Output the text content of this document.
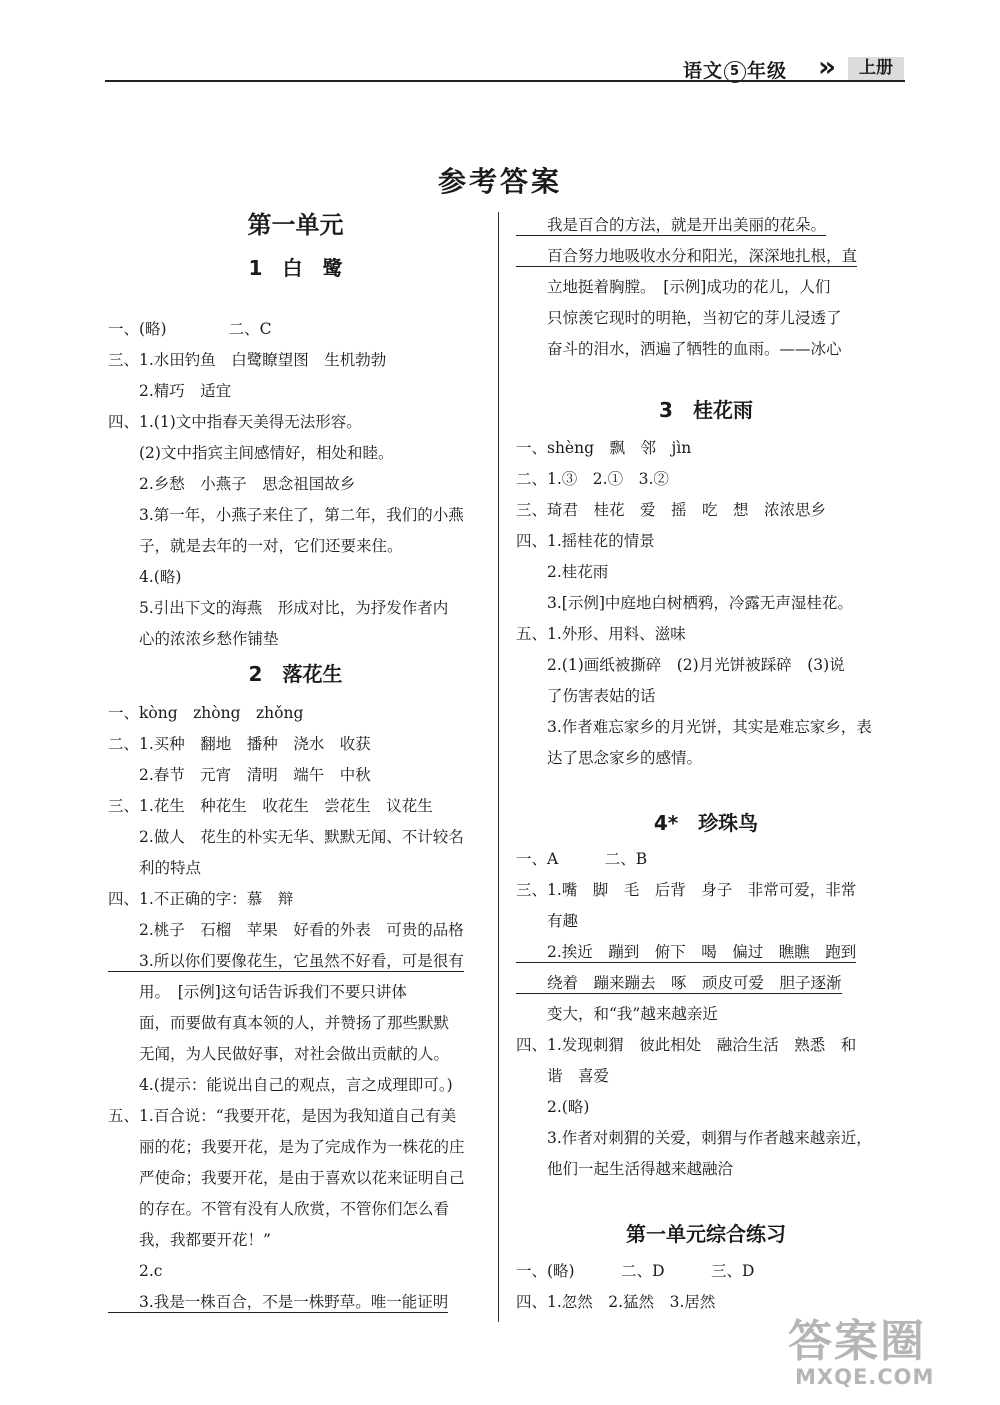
语文 5 年级 »	上册
参考答案
第一单元
1　白　鹭
一、(略)　　　　二、C
三、1.水田钓鱼　白鹭瞭望图　生机勃勃
　　2.精巧　适宜
四、1.(1)文中指春天美得无法形容。
　　(2)文中指宾主间感情好，相处和睦。
　　2.乡愁　小燕子　思念祖国故乡
　　3.第一年，小燕子来住了，第二年，我们的小燕
　　子，就是去年的一对，它们还要来住。
　　4.(略)
　　5.引出下文的海燕　形成对比，为抒发作者内
　　心的浓浓乡愁作铺垫
2　落花生
一、kòng　zhòng　zhǒng
二、1.买种　翻地　播种　浇水　收获
　　2.春节　元宵　清明　端午　中秋
三、1.花生　种花生　收花生　尝花生　议花生
　　2.做人　花生的朴实无华、默默无闻、不计较名
　　利的特点
四、1.不正确的字：慕　辩
　　2.桃子　石榴　苹果　好看的外表　可贵的品格
　　3.所以你们要像花生，它虽然不好看，可是很有
　　用。　[示例]这句话告诉我们不要只讲体
　　面，而要做有真本领的人，并赞扬了那些默默
　　无闻，为人民做好事，对社会做出贡献的人。
　　4.(提示：能说出自己的观点，言之成理即可。)
五、1.百合说：“我要开花，是因为我知道自己有美
　　丽的花；我要开花，是为了完成作为一株花的庄
　　严使命；我要开花，是由于喜欢以花来证明自己
　　的存在。不管有没有人欣赏，不管你们怎么看
　　我，我都要开花！”
　　2.c
　　3.我是一株百合，不是一株野草。唯一能证明
　　我是百合的方法，就是开出美丽的花朵。
　　百合努力地吸收水分和阳光，深深地扎根，直
　　立地挺着胸膛。　[示例]成功的花儿，人们
　　只惊羡它现时的明艳，当初它的芽儿浸透了
　　奋斗的泪水，洒遍了牺牲的血雨。——冰心
3　桂花雨
一、shèng　飘　邻　jìn
二、1.③　2.①　3.②
三、琦君　桂花　爱　摇　吃　想　浓浓思乡
四、1.摇桂花的情景
　　2.桂花雨
　　3.[示例]中庭地白树栖鸦，冷露无声湿桂花。
五、1.外形、用料、滋味
　　2.(1)画纸被撕碎　(2)月光饼被踩碎　(3)说
　　了伤害表姑的话
　　3.作者难忘家乡的月光饼，其实是难忘家乡，表
　　达了思念家乡的感情。
4*　珍珠鸟
一、A　　　二、B
三、1.嘴　脚　毛　后背　身子　非常可爱，非常
　　有趣
　　2.挨近　蹦到　俯下　喝　偏过　瞧瞧　跑到
　　绕着　蹦来蹦去　啄　顽皮可爱　胆子逐渐
　　变大，和“我”越来越亲近
四、1.发现刺猬　彼此相处　融洽生活　熟悉　和
　　谐　喜爱
　　2.(略)
　　3.作者对刺猬的关爱，刺猬与作者越来越亲近，
　　他们一起生活得越来越融洽
第一单元综合练习
一、(略)　　　二、D　　　三、D
四、1.忽然　2.猛然　3.居然
答案圈
MXQE.COM
